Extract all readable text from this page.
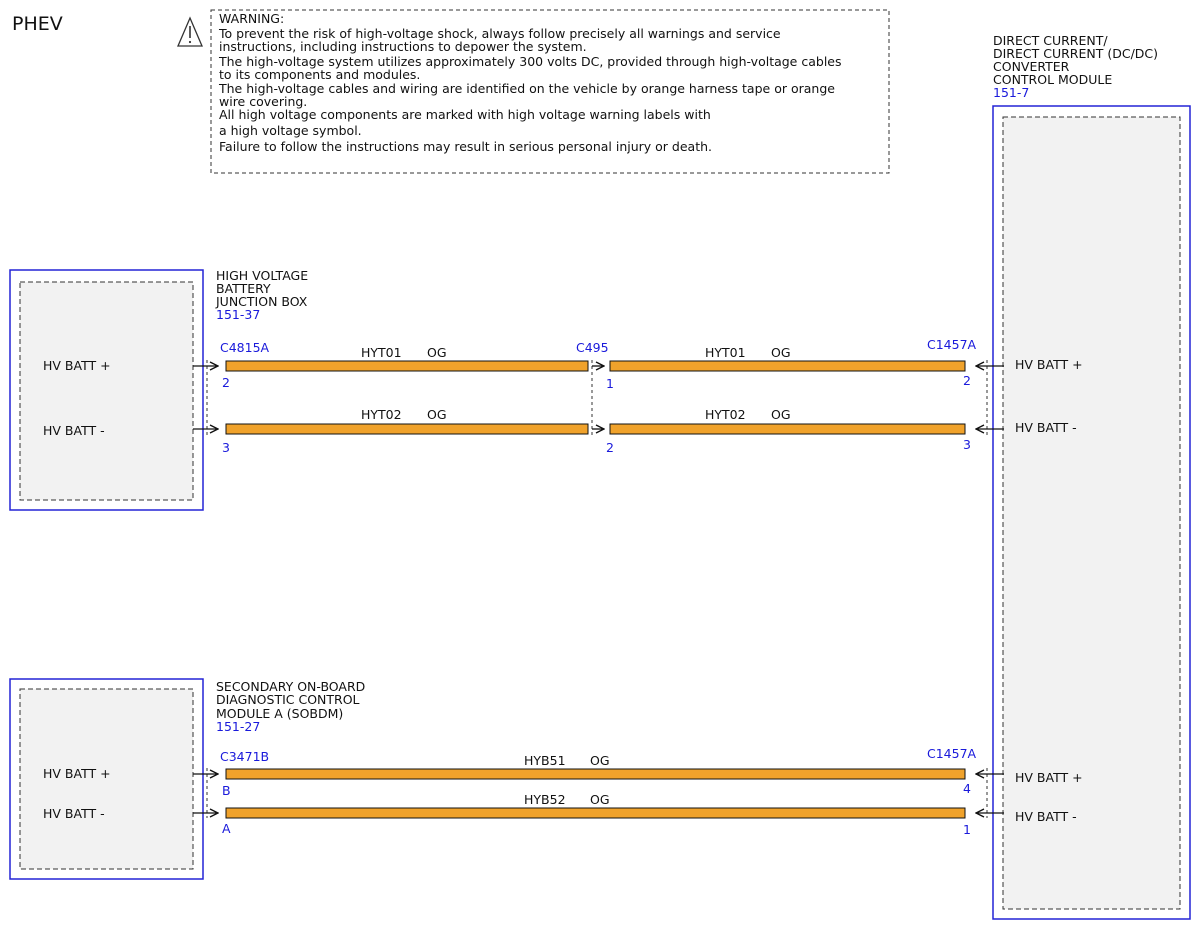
PHEV	WARNING:
To prevent the risk of high-voltage shock, always follow precisely all warnings and service
instructions, including instructions to depower the system.
The high-voltage system utilizes approximately 300 volts DC, provided through high-voltage cables
to its components and modules.
The high-voltage cables and wiring are identified on the vehicle by orange harness tape or orange
wire covering.
All high voltage components are marked with high voltage warning labels with
a high voltage symbol.
Failure to follow the instructions may result in serious personal injury or death.
DIRECT CURRENT/
DIRECT CURRENT (DC/DC)
CONVERTER
CONTROL MODULE
151-7
HV BATT +
HV BATT -
HV BATT +
HV BATT -
HV BATT +
HV BATT -
HIGH VOLTAGE
BATTERY
JUNCTION BOX
151-37
HV BATT +
HV BATT -
SECONDARY ON-BOARD
DIAGNOSTIC CONTROL
MODULE A (SOBDM)
151-27
HYT01 OG	HYT01 OG
HYT02 OG	HYT02 OG
HYB51 OG
HYB52 OG
C4815A	C495	C1457A
C3471B	C1457A
2
3
1
2
2
3
B
A
4
1
